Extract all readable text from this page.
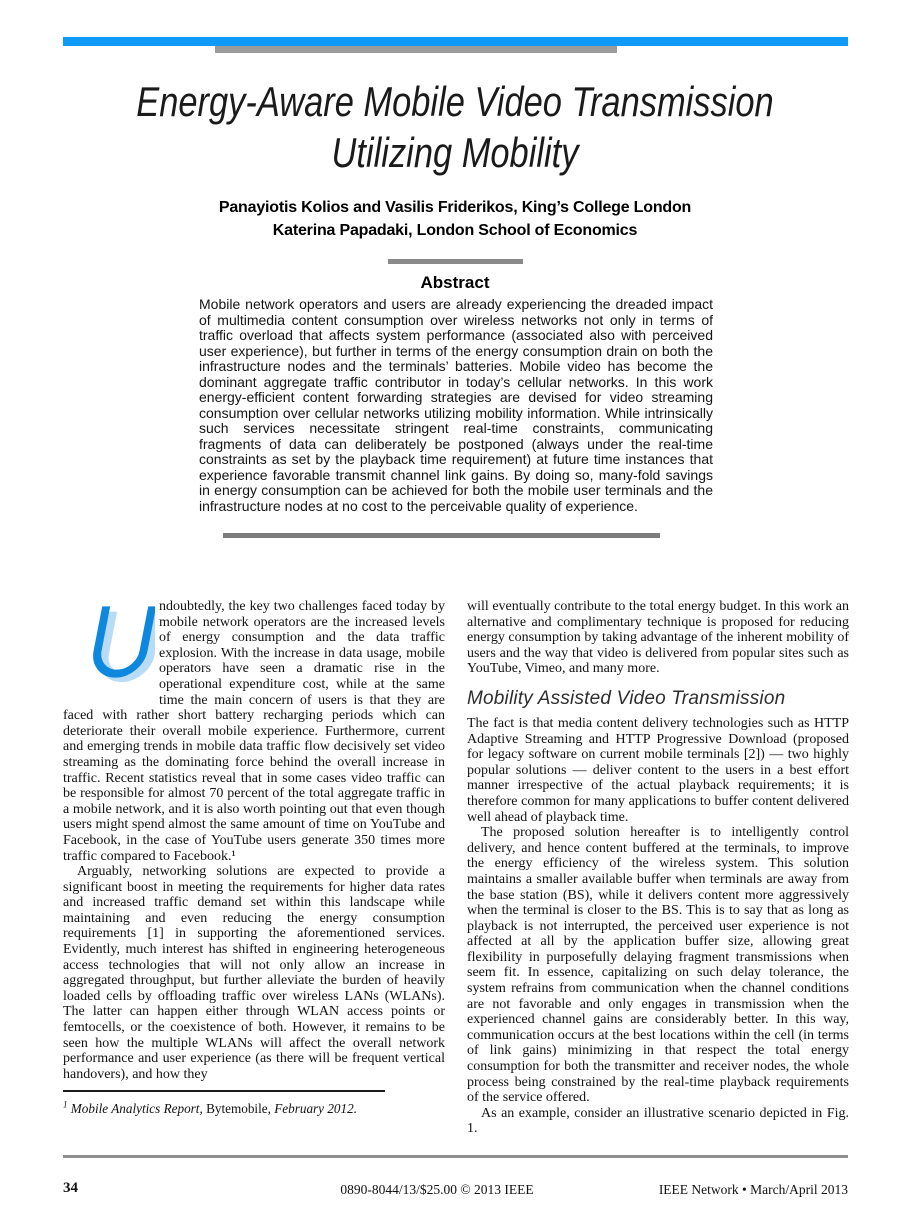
Energy-Aware Mobile Video Transmission
Utilizing Mobility
Panayiotis Kolios and Vasilis Friderikos, King’s College London
Katerina Papadaki, London School of Economics
Abstract
Mobile network operators and users are already experiencing the dreaded impact of multimedia content consumption over wireless networks not only in terms of traffic overload that affects system performance (associated also with perceived user experience), but further in terms of the energy consumption drain on both the infrastructure nodes and the terminals’ batteries. Mobile video has become the dominant aggregate traffic contributor in today’s cellular networks. In this work energy-efficient content forwarding strategies are devised for video streaming consumption over cellular networks utilizing mobility information. While intrinsically such services necessitate stringent real-time constraints, communicating fragments of data can deliberately be postponed (always under the real-time constraints as set by the playback time requirement) at future time instances that experience favorable transmit channel link gains. By doing so, many-fold savings in energy consumption can be achieved for both the mobile user terminals and the infrastructure nodes at no cost to the perceivable quality of experience.

ndoubtedly, the key two challenges faced today by mobile network operators are the increased levels of energy consumption and the data traffic explosion. With the increase in data usage, mobile operators have seen a dramatic rise in the operational expenditure cost, while at the same time the main concern of users is that they are faced with rather short battery recharging periods which can deteriorate their overall mobile experience. Furthermore, current and emerging trends in mobile data traffic flow decisively set video streaming as the dominating force behind the overall increase in traffic. Recent statistics reveal that in some cases video traffic can be responsible for almost 70 percent of the total aggregate traffic in a mobile network, and it is also worth pointing out that even though users might spend almost the same amount of time on YouTube and Facebook, in the case of YouTube users generate 350 times more traffic compared to Facebook.¹

Arguably, networking solutions are expected to provide a significant boost in meeting the requirements for higher data rates and increased traffic demand set within this landscape while maintaining and even reducing the energy consumption requirements [1] in supporting the aforementioned services. Evidently, much interest has shifted in engineering heterogeneous access technologies that will not only allow an increase in aggregated throughput, but further alleviate the burden of heavily loaded cells by offloading traffic over wireless LANs (WLANs). The latter can happen either through WLAN access points or femtocells, or the coexistence of both. However, it remains to be seen how the multiple WLANs will affect the overall network performance and user experience (as there will be frequent vertical handovers), and how they

$^1$ Mobile Analytics Report, Bytemobile, February 2012.

will eventually contribute to the total energy budget. In this work an alternative and complimentary technique is proposed for reducing energy consumption by taking advantage of the inherent mobility of users and the way that video is delivered from popular sites such as YouTube, Vimeo, and many more.

Mobility Assisted Video Transmission

The fact is that media content delivery technologies such as HTTP Adaptive Streaming and HTTP Progressive Download (proposed for legacy software on current mobile terminals [2]) — two highly popular solutions — deliver content to the users in a best effort manner irrespective of the actual playback requirements; it is therefore common for many applications to buffer content delivered well ahead of playback time.

The proposed solution hereafter is to intelligently control delivery, and hence content buffered at the terminals, to improve the energy efficiency of the wireless system. This solution maintains a smaller available buffer when terminals are away from the base station (BS), while it delivers content more aggressively when the terminal is closer to the BS. This is to say that as long as playback is not interrupted, the perceived user experience is not affected at all by the application buffer size, allowing great flexibility in purposefully delaying fragment transmissions when seem fit. In essence, capitalizing on such delay tolerance, the system refrains from communication when the channel conditions are not favorable and only engages in transmission when the experienced channel gains are considerably better. In this way, communication occurs at the best locations within the cell (in terms of link gains) minimizing in that respect the total energy consumption for both the transmitter and receiver nodes, the whole process being constrained by the real-time playback requirements of the service offered.

As an example, consider an illustrative scenario depicted in Fig. 1.

34	0890-8044/13/$25.00 © 2013 IEEE	IEEE Network • March/April 2013
